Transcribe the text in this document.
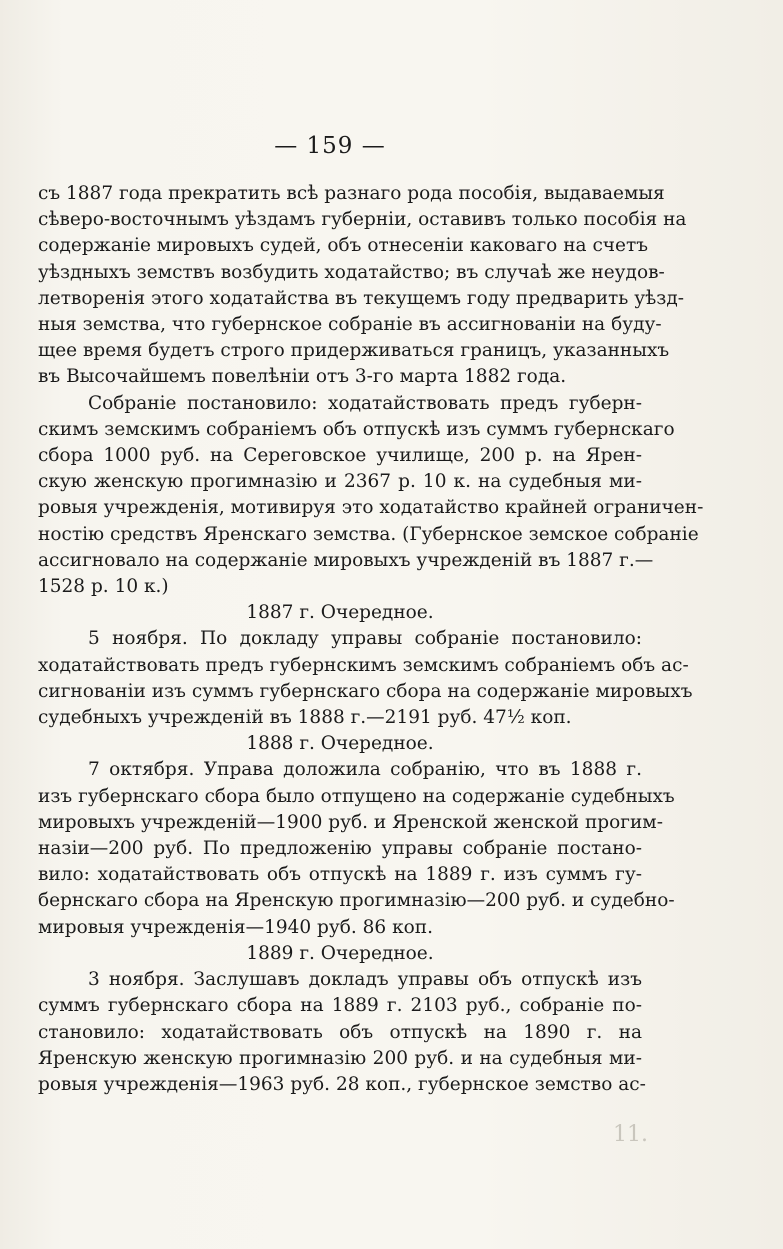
— 159 —
съ 1887 года прекратить всѣ разнаго рода пособія, выдаваемыя
сѣверо-восточнымъ уѣздамъ губерніи, оставивъ только пособія на
содержаніе мировыхъ судей, объ отнесеніи каковаго на счетъ
уѣздныхъ земствъ возбудить ходатайство; въ случаѣ же неудов-
летворенія этого ходатайства въ текущемъ году предварить уѣзд-
ныя земства, что губернское собраніе въ ассигнованіи на буду-
щее время будетъ строго придерживаться границъ, указанныхъ
въ Высочайшемъ повелѣніи отъ 3-го марта 1882 года.
Собраніе постановило: ходатайствовать предъ губерн-
скимъ земскимъ собраніемъ объ отпускѣ изъ суммъ губернскаго
сбора 1000 руб. на Сереговское училище, 200 р. на Ярен-
скую женскую прогимназію и 2367 р. 10 к. на судебныя ми-
ровыя учрежденія, мотивируя это ходатайство крайней ограничен-
ностію средствъ Яренскаго земства. (Губернское земское собраніе
ассигновало на содержаніе мировыхъ учрежденій въ 1887 г.—
1528 р. 10 к.)
1887 г. Очередное.
5 ноября. По докладу управы собраніе постановило:
ходатайствовать предъ губернскимъ земскимъ собраніемъ объ ас-
сигнованіи изъ суммъ губернскаго сбора на содержаніе мировыхъ
судебныхъ учрежденій въ 1888 г.—2191 руб. 47½ коп.
1888 г. Очередное.
7 октября. Управа доложила собранію, что въ 1888 г.
изъ губернскаго сбора было отпущено на содержаніе судебныхъ
мировыхъ учрежденій—1900 руб. и Яренской женской прогим-
назіи—200 руб. По предложенію управы собраніе постано-
вило: ходатайствовать объ отпускѣ на 1889 г. изъ суммъ гу-
бернскаго сбора на Яренскую прогимназію—200 руб. и судебно-
мировыя учрежденія—1940 руб. 86 коп.
1889 г. Очередное.
3 ноября. Заслушавъ докладъ управы объ отпускѣ изъ
суммъ губернскаго сбора на 1889 г. 2103 руб., собраніе по-
становило: ходатайствовать объ отпускѣ на 1890 г. на
Яренскую женскую прогимназію 200 руб. и на судебныя ми-
ровыя учрежденія—1963 руб. 28 коп., губернское земство ас-
11.
